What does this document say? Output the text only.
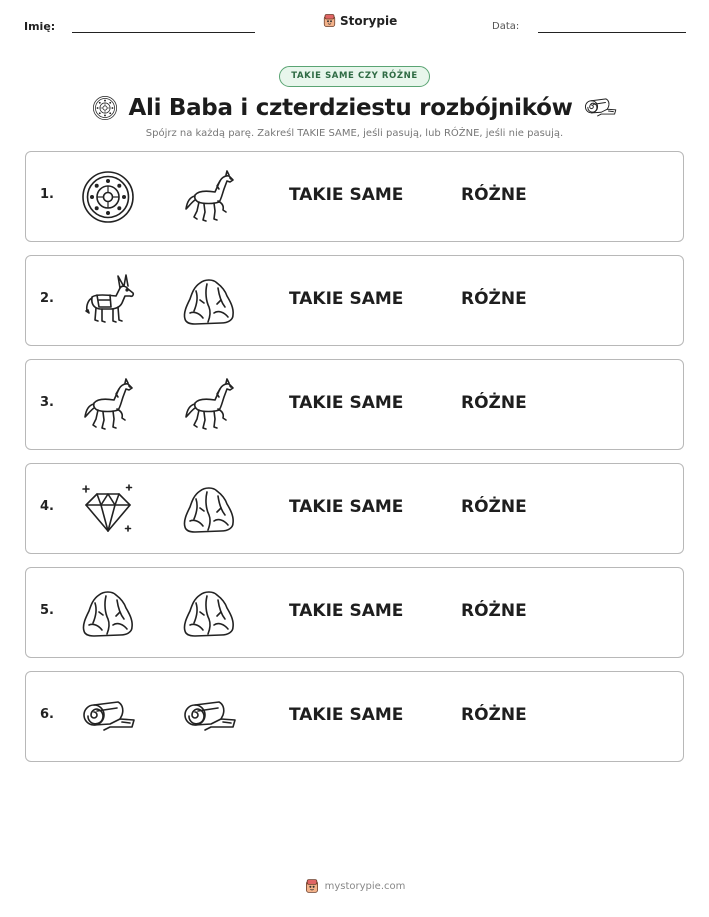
Imię:	Storypie	Data:
TAKIE SAME CZY RÓŻNE
Ali Baba i czterdziestu rozbójników
Spójrz na każdą parę. Zakreśl TAKIE SAME, jeśli pasują, lub RÓŻNE, jeśli nie pasują.
1.	TAKIE SAME	RÓŻNE
2.	TAKIE SAME	RÓŻNE
3.	TAKIE SAME	RÓŻNE
4.	TAKIE SAME	RÓŻNE
5.	TAKIE SAME	RÓŻNE
6.	TAKIE SAME	RÓŻNE
mystorypie.com
